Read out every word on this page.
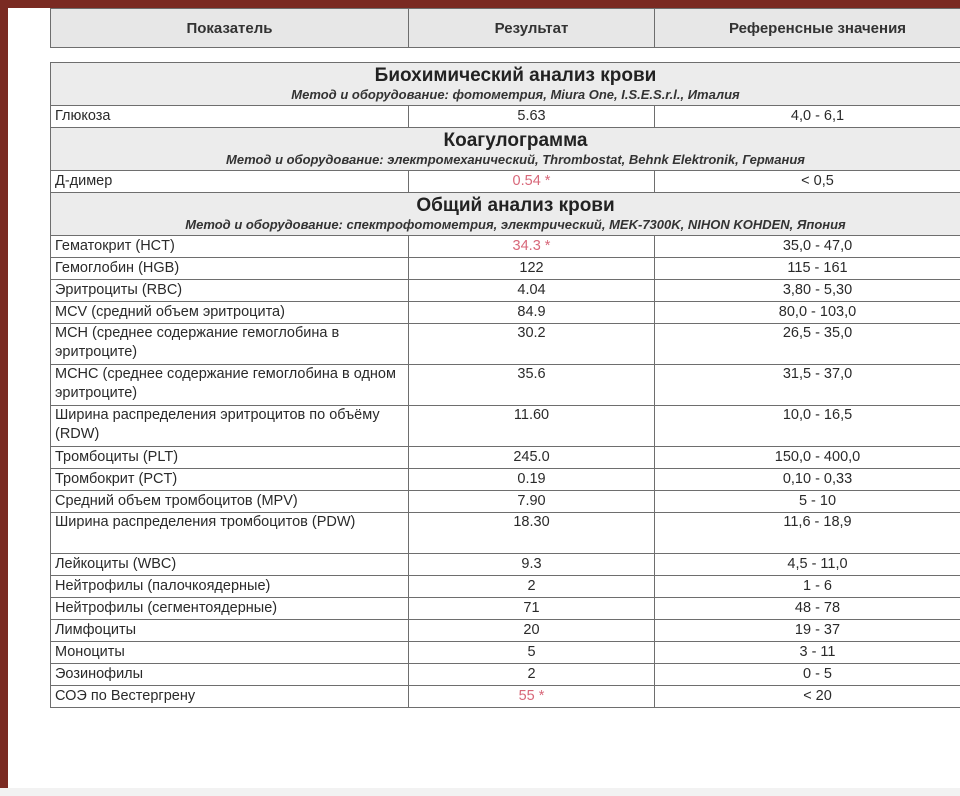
Показатель	Результат	Референсные значения

Биохимический анализ крови		
Метод и оборудование: фотометрия, Miura One, I.S.E.S.r.l., Италия		
Глюкоза	5.63	4,0 - 6,1
Коагулограмма		
Метод и оборудование: электромеханический, Thrombostat, Behnk Elektronik, Германия		
Д-димер	0.54 *	< 0,5
Общий анализ крови		
Метод и оборудование: спектрофотометрия, электрический, MEK-7300K, NIHON KOHDEN, Япония		
Гематокрит (HCT)	34.3 *	35,0 - 47,0
Гемоглобин (HGB)	122	115 - 161
Эритроциты (RBC)	4.04	3,80 - 5,30
MCV (средний объем эритроцита)	84.9	80,0 - 103,0
MCH (среднее содержание гемоглобина в эритроците)	30.2	26,5 - 35,0
MCHC (среднее содержание гемоглобина в одном эритроците)	35.6	31,5 - 37,0
Ширина распределения эритроцитов по объёму (RDW)	11.60	10,0 - 16,5
Тромбоциты (PLT)	245.0	150,0 - 400,0
Тромбокрит (PCT)	0.19	0,10 - 0,33
Средний объем тромбоцитов (MPV)	7.90	5 - 10
Ширина распределения тромбоцитов (PDW)	18.30	11,6 - 18,9
Лейкоциты (WBC)	9.3	4,5 - 11,0
Нейтрофилы (палочкоядерные)	2	1 - 6
Нейтрофилы (сегментоядерные)	71	48 - 78
Лимфоциты	20	19 - 37
Моноциты	5	3 - 11
Эозинофилы	2	0 - 5
СОЭ по Вестергрену	55 *	< 20
